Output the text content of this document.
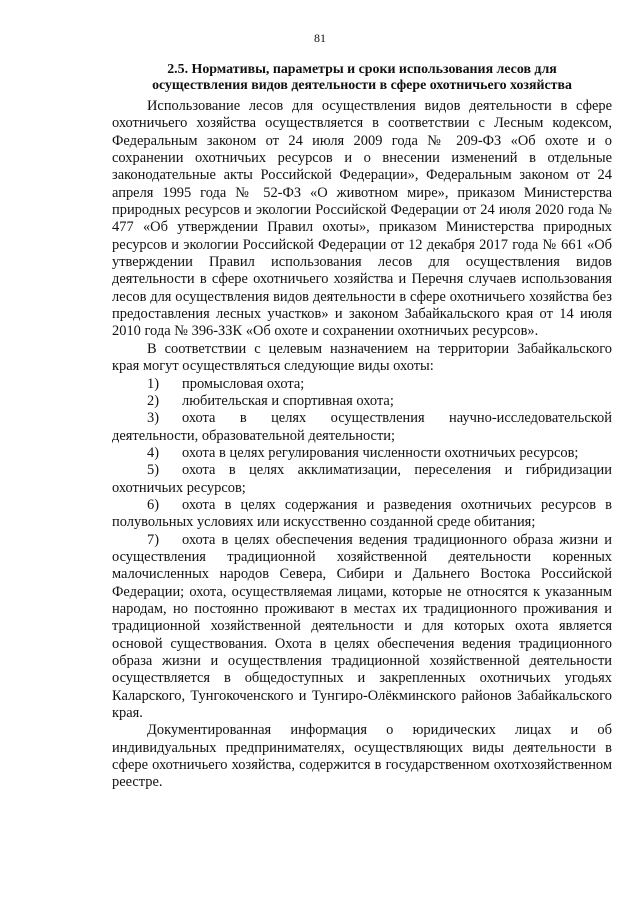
81
2.5. Нормативы, параметры и сроки использования лесов для
осуществления видов деятельности в сфере охотничьего хозяйства

Использование лесов для осуществления видов деятельности в сфере охотничьего хозяйства осуществляется в соответствии с Лесным кодексом, Федеральным законом от 24 июля 2009 года № 209-ФЗ «Об охоте и о сохранении охотничьих ресурсов и о внесении изменений в отдельные законодательные акты Российской Федерации», Федеральным законом от 24 апреля 1995 года № 52-ФЗ «О животном мире», приказом Министерства природных ресурсов и экологии Российской Федерации от 24 июля 2020 года № 477 «Об утверждении Правил охоты», приказом Министерства природных ресурсов и экологии Российской Федерации от 12 декабря 2017 года № 661 «Об утверждении Правил использования лесов для осуществления видов деятельности в сфере охотничьего хозяйства и Перечня случаев использования лесов для осуществления видов деятельности в сфере охотничьего хозяйства без предоставления лесных участков» и законом Забайкальского края от 14 июля 2010 года № 396-ЗЗК «Об охоте и сохранении охотничьих ресурсов».

В соответствии с целевым назначением на территории Забайкальского края могут осуществляться следующие виды охоты:

1) промысловая охота;

2) любительская и спортивная охота;

3) охота в целях осуществления научно-исследовательской деятельности, образовательной деятельности;

4) охота в целях регулирования численности охотничьих ресурсов;

5) охота в целях акклиматизации, переселения и гибридизации охотничьих ресурсов;

6) охота в целях содержания и разведения охотничьих ресурсов в полувольных условиях или искусственно созданной среде обитания;

7) охота в целях обеспечения ведения традиционного образа жизни и осуществления традиционной хозяйственной деятельности коренных малочисленных народов Севера, Сибири и Дальнего Востока Российской Федерации; охота, осуществляемая лицами, которые не относятся к указанным народам, но постоянно проживают в местах их традиционного проживания и традиционной хозяйственной деятельности и для которых охота является основой существования. Охота в целях обеспечения ведения традиционного образа жизни и осуществления традиционной хозяйственной деятельности осуществляется в общедоступных и закрепленных охотничьих угодьях Каларского, Тунгокоченского и Тунгиро-Олёкминского районов Забайкальского края.

Документированная информация о юридических лицах и об индивидуальных предпринимателях, осуществляющих виды деятельности в сфере охотничьего хозяйства, содержится в государственном охотхозяйственном реестре.
